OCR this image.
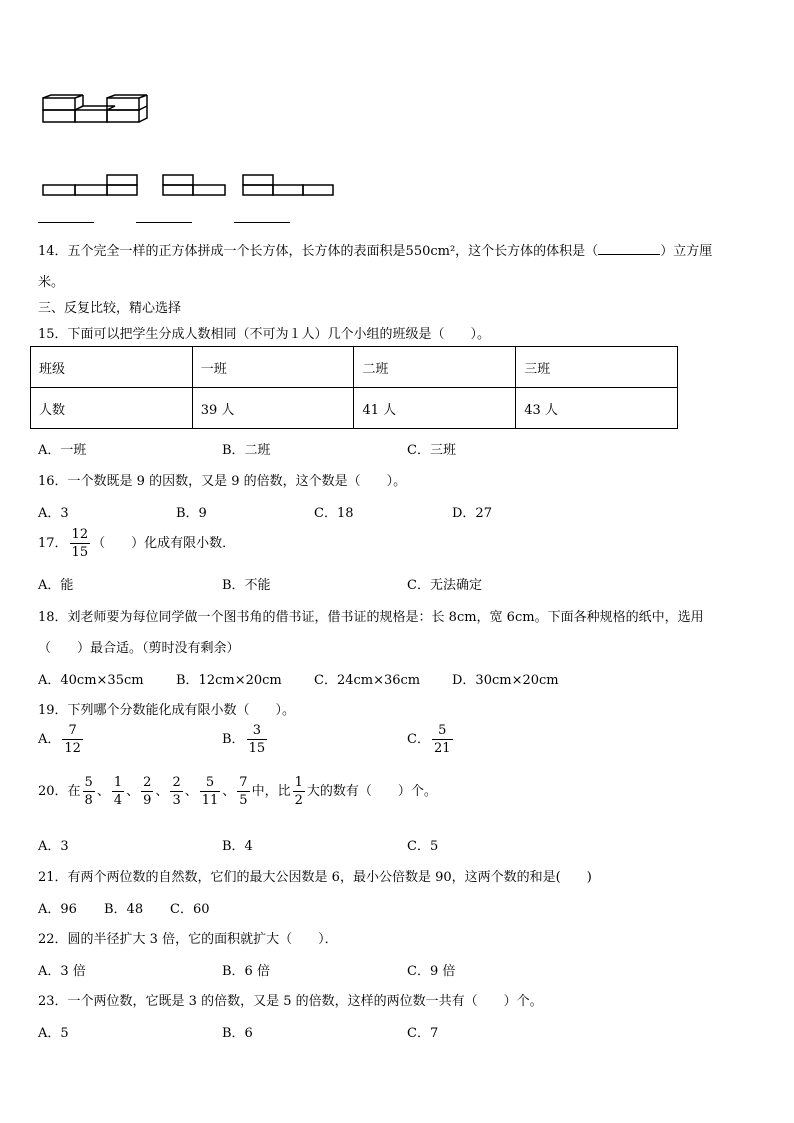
14．五个完全一样的正方体拼成一个长方体，长方体的表面积是550cm²，这个长方体的体积是（	）立方厘
米。
三、反复比较，精心选择
15．下面可以把学生分成人数相同（不可为１人）几个小组的班级是（　　）。
班级	一班	二班	三班
人数	39 人	41 人	43 人
A．一班	B．二班	C．三班
16．一个数既是 9 的因数，又是 9 的倍数，这个数是（　　）。
A．3	B．9	C．18	D．27
17． $\frac{12}{15}$ （　　）化成有限小数．
A．能	B．不能	C．无法确定
18．刘老师要为每位同学做一个图书角的借书证，借书证的规格是：长 8cm，宽 6cm。下面各种规格的纸中，选用
（　　）最合适。（剪时没有剩余）
A．40cm×35cm B．12cm×20cm C．24cm×36cm D．30cm×20cm
19．下列哪个分数能化成有限小数（　　）。
A． $\frac{7}{12}$	B． $\frac{3}{15}$	C． $\frac{5}{21}$
20．在 $\frac{5}{8}$ 、 $\frac{1}{4}$ 、 $\frac{2}{9}$ 、 $\frac{2}{3}$ 、 $\frac{5}{11}$ 、 $\frac{7}{5}$ 中，比 $\frac{1}{2}$ 大的数有（　　）个。
A．3	B．4	C．5
21．有两个两位数的自然数，它们的最大公因数是 6，最小公倍数是 90，这两个数的和是(　　)
A．96 B．48 C．60
22．圆的半径扩大 3 倍，它的面积就扩大（　　）．
A．3 倍	B．6 倍	C．9 倍
23．一个两位数，它既是 3 的倍数，又是 5 的倍数，这样的两位数一共有（　　）个。
A．5	B．6	C．7
